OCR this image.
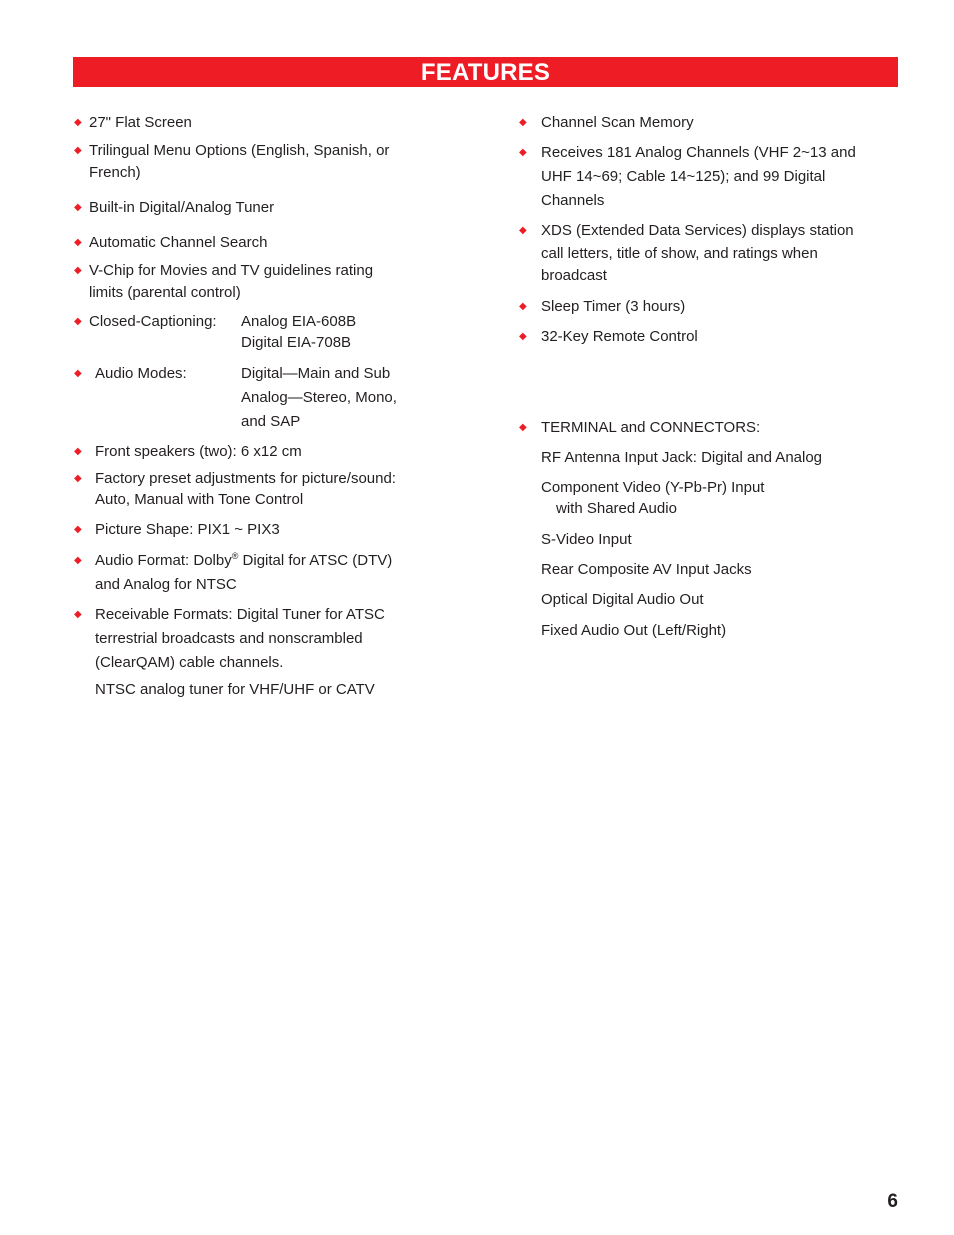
FEATURES
◆ 27" Flat Screen
◆ Trilingual Menu Options (English, Spanish, or
French)
◆ Built-in Digital/Analog Tuner
◆ Automatic Channel Search
◆ V-Chip for Movies and TV guidelines rating
limits (parental control)
◆ Closed-Captioning: Analog EIA-608B
Digital EIA-708B
◆ Audio Modes:	Digital—Main and Sub
Analog—Stereo, Mono,
and SAP
◆ Front speakers (two): 6 x12 cm
◆ Factory preset adjustments for picture/sound:
Auto, Manual with Tone Control
◆ Picture Shape: PIX1 ~ PIX3
◆ Audio Format: Dolby® Digital for ATSC (DTV)
and Analog for NTSC
◆ Receivable Formats: Digital Tuner for ATSC
terrestrial broadcasts and nonscrambled
(ClearQAM) cable channels.
NTSC analog tuner for VHF/UHF or CATV
◆ Channel Scan Memory
◆ Receives 181 Analog Channels (VHF 2~13 and
UHF 14~69; Cable 14~125); and 99 Digital
Channels
◆ XDS (Extended Data Services) displays station
call letters, title of show, and ratings when
broadcast
◆ Sleep Timer (3 hours)
◆ 32-Key Remote Control
◆ TERMINAL and CONNECTORS:
RF Antenna Input Jack: Digital and Analog
Component Video (Y-Pb-Pr) Input
with Shared Audio
S-Video Input
Rear Composite AV Input Jacks
Optical Digital Audio Out
Fixed Audio Out (Left/Right)
6
